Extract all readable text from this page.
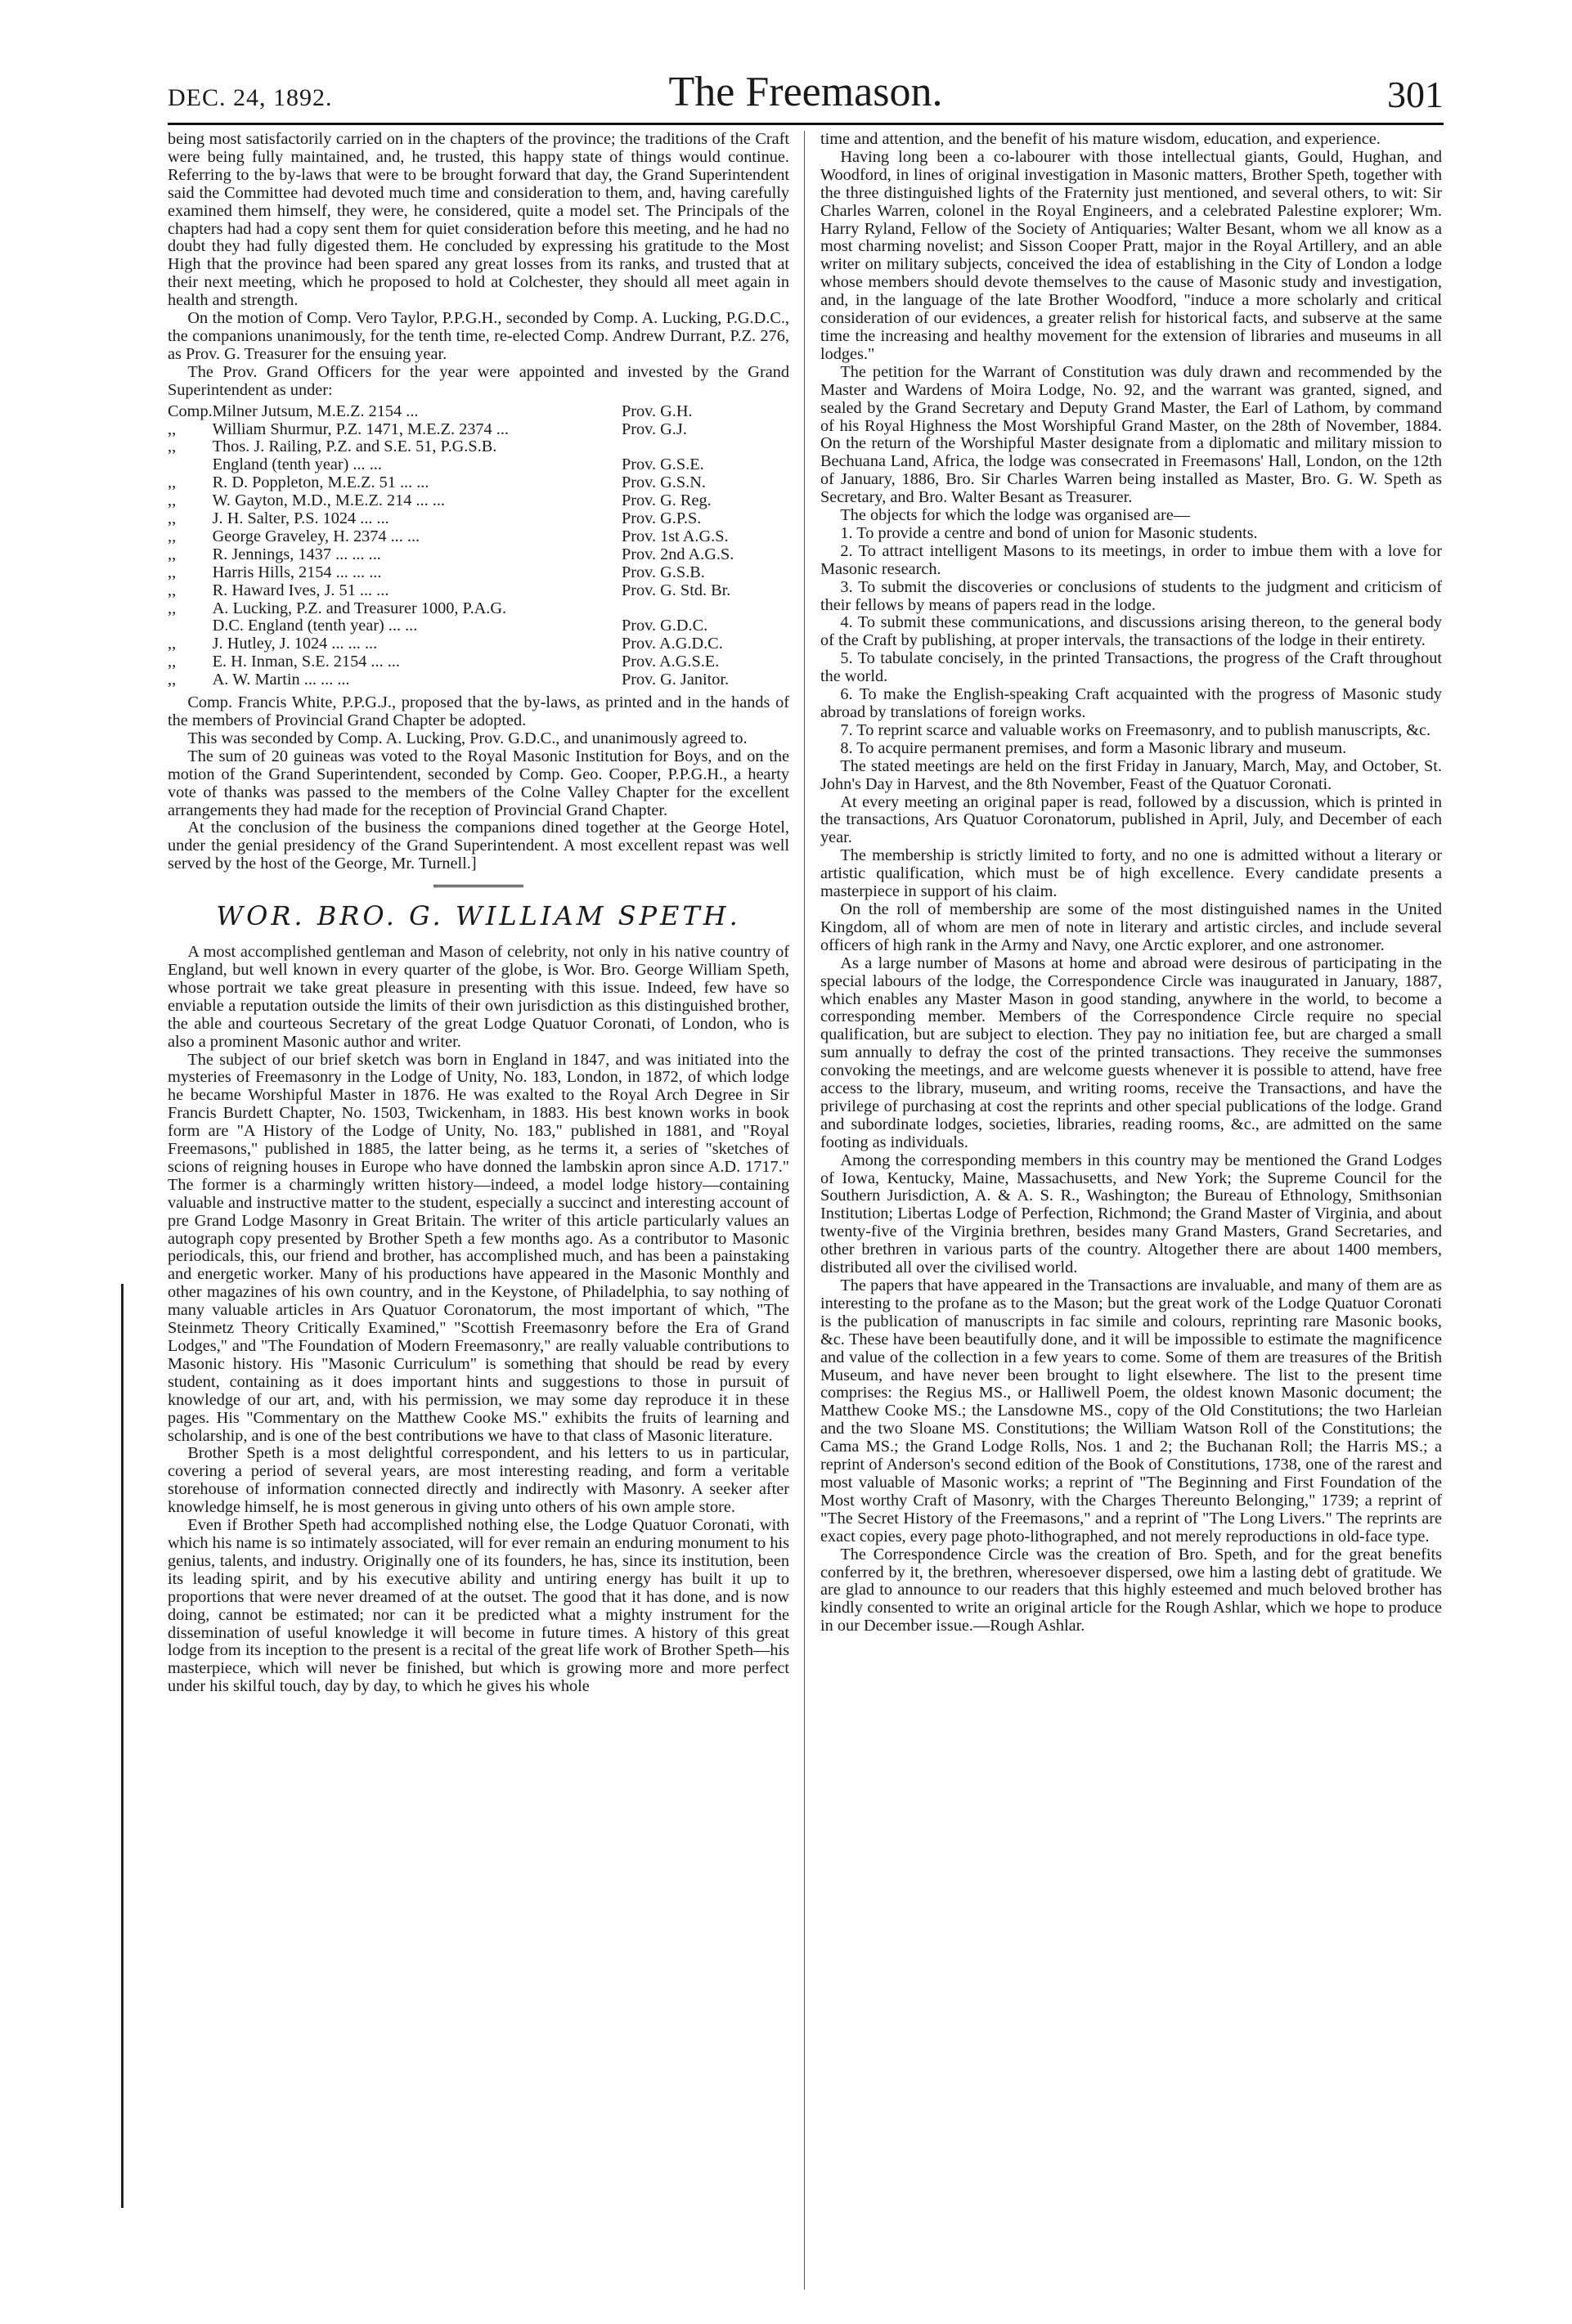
DEC. 24, 1892.	The Freemason.	301

being most satisfactorily carried on in the chapters of the province; the traditions of the Craft were being fully maintained, and, he trusted, this happy state of things would continue. Referring to the by-laws that were to be brought forward that day, the Grand Superintendent said the Committee had devoted much time and consideration to them, and, having carefully examined them himself, they were, he considered, quite a model set. The Principals of the chapters had had a copy sent them for quiet consideration before this meeting, and he had no doubt they had fully digested them. He concluded by expressing his gratitude to the Most High that the province had been spared any great losses from its ranks, and trusted that at their next meeting, which he proposed to hold at Colchester, they should all meet again in health and strength.

On the motion of Comp. Vero Taylor, P.P.G.H., seconded by Comp. A. Lucking, P.G.D.C., the companions unanimously, for the tenth time, re-elected Comp. Andrew Durrant, P.Z. 276, as Prov. G. Treasurer for the ensuing year.

The Prov. Grand Officers for the year were appointed and invested by the Grand Superintendent as under:

Comp.	Milner Jutsum, M.E.Z. 2154 ...	Prov. G.H.
,,	William Shurmur, P.Z. 1471, M.E.Z. 2374 ...	Prov. G.J.
,,	Thos. J. Railing, P.Z. and S.E. 51, P.G.S.B.	
	England (tenth year) ... ...	Prov. G.S.E.
,,	R. D. Poppleton, M.E.Z. 51 ... ...	Prov. G.S.N.
,,	W. Gayton, M.D., M.E.Z. 214 ... ...	Prov. G. Reg.
,,	J. H. Salter, P.S. 1024 ... ...	Prov. G.P.S.
,,	George Graveley, H. 2374 ... ...	Prov. 1st A.G.S.
,,	R. Jennings, 1437 ... ... ...	Prov. 2nd A.G.S.
,,	Harris Hills, 2154 ... ... ...	Prov. G.S.B.
,,	R. Haward Ives, J. 51 ... ...	Prov. G. Std. Br.
,,	A. Lucking, P.Z. and Treasurer 1000, P.A.G.	
	D.C. England (tenth year) ... ...	Prov. G.D.C.
,,	J. Hutley, J. 1024 ... ... ...	Prov. A.G.D.C.
,,	E. H. Inman, S.E. 2154 ... ...	Prov. A.G.S.E.
,,	A. W. Martin ... ... ...	Prov. G. Janitor.

Comp. Francis White, P.P.G.J., proposed that the by-laws, as printed and in the hands of the members of Provincial Grand Chapter be adopted.

This was seconded by Comp. A. Lucking, Prov. G.D.C., and unanimously agreed to.

The sum of 20 guineas was voted to the Royal Masonic Institution for Boys, and on the motion of the Grand Superintendent, seconded by Comp. Geo. Cooper, P.P.G.H., a hearty vote of thanks was passed to the members of the Colne Valley Chapter for the excellent arrangements they had made for the reception of Provincial Grand Chapter.

At the conclusion of the business the companions dined together at the George Hotel, under the genial presidency of the Grand Superintendent. A most excellent repast was well served by the host of the George, Mr. Turnell.]

WOR. BRO. G. WILLIAM SPETH.

A most accomplished gentleman and Mason of celebrity, not only in his native country of England, but well known in every quarter of the globe, is Wor. Bro. George William Speth, whose portrait we take great pleasure in presenting with this issue. Indeed, few have so enviable a reputation outside the limits of their own jurisdiction as this distinguished brother, the able and courteous Secretary of the great Lodge Quatuor Coronati, of London, who is also a prominent Masonic author and writer.

The subject of our brief sketch was born in England in 1847, and was initiated into the mysteries of Freemasonry in the Lodge of Unity, No. 183, London, in 1872, of which lodge he became Worshipful Master in 1876. He was exalted to the Royal Arch Degree in Sir Francis Burdett Chapter, No. 1503, Twickenham, in 1883. His best known works in book form are "A History of the Lodge of Unity, No. 183," published in 1881, and "Royal Freemasons," published in 1885, the latter being, as he terms it, a series of "sketches of scions of reigning houses in Europe who have donned the lambskin apron since A.D. 1717." The former is a charmingly written history—indeed, a model lodge history—containing valuable and instructive matter to the student, especially a succinct and interesting account of pre Grand Lodge Masonry in Great Britain. The writer of this article particularly values an autograph copy presented by Brother Speth a few months ago. As a contributor to Masonic periodicals, this, our friend and brother, has accomplished much, and has been a painstaking and energetic worker. Many of his productions have appeared in the Masonic Monthly and other magazines of his own country, and in the Keystone, of Philadelphia, to say nothing of many valuable articles in Ars Quatuor Coronatorum, the most important of which, "The Steinmetz Theory Critically Examined," "Scottish Freemasonry before the Era of Grand Lodges," and "The Foundation of Modern Freemasonry," are really valuable contributions to Masonic history. His "Masonic Curriculum" is something that should be read by every student, containing as it does important hints and suggestions to those in pursuit of knowledge of our art, and, with his permission, we may some day reproduce it in these pages. His "Commentary on the Matthew Cooke MS." exhibits the fruits of learning and scholarship, and is one of the best contributions we have to that class of Masonic literature.

Brother Speth is a most delightful correspondent, and his letters to us in particular, covering a period of several years, are most interesting reading, and form a veritable storehouse of information connected directly and indirectly with Masonry. A seeker after knowledge himself, he is most generous in giving unto others of his own ample store.

Even if Brother Speth had accomplished nothing else, the Lodge Quatuor Coronati, with which his name is so intimately associated, will for ever remain an enduring monument to his genius, talents, and industry. Originally one of its founders, he has, since its institution, been its leading spirit, and by his executive ability and untiring energy has built it up to proportions that were never dreamed of at the outset. The good that it has done, and is now doing, cannot be estimated; nor can it be predicted what a mighty instrument for the dissemination of useful knowledge it will become in future times. A history of this great lodge from its inception to the present is a recital of the great life work of Brother Speth—his masterpiece, which will never be finished, but which is growing more and more perfect under his skilful touch, day by day, to which he gives his whole

time and attention, and the benefit of his mature wisdom, education, and experience.

Having long been a co-labourer with those intellectual giants, Gould, Hughan, and Woodford, in lines of original investigation in Masonic matters, Brother Speth, together with the three distinguished lights of the Fraternity just mentioned, and several others, to wit: Sir Charles Warren, colonel in the Royal Engineers, and a celebrated Palestine explorer; Wm. Harry Ryland, Fellow of the Society of Antiquaries; Walter Besant, whom we all know as a most charming novelist; and Sisson Cooper Pratt, major in the Royal Artillery, and an able writer on military subjects, conceived the idea of establishing in the City of London a lodge whose members should devote themselves to the cause of Masonic study and investigation, and, in the language of the late Brother Woodford, "induce a more scholarly and critical consideration of our evidences, a greater relish for historical facts, and subserve at the same time the increasing and healthy movement for the extension of libraries and museums in all lodges."

The petition for the Warrant of Constitution was duly drawn and recommended by the Master and Wardens of Moira Lodge, No. 92, and the warrant was granted, signed, and sealed by the Grand Secretary and Deputy Grand Master, the Earl of Lathom, by command of his Royal Highness the Most Worshipful Grand Master, on the 28th of November, 1884. On the return of the Worshipful Master designate from a diplomatic and military mission to Bechuana Land, Africa, the lodge was consecrated in Freemasons' Hall, London, on the 12th of January, 1886, Bro. Sir Charles Warren being installed as Master, Bro. G. W. Speth as Secretary, and Bro. Walter Besant as Treasurer.

The objects for which the lodge was organised are—

1. To provide a centre and bond of union for Masonic students.

2. To attract intelligent Masons to its meetings, in order to imbue them with a love for Masonic research.

3. To submit the discoveries or conclusions of students to the judgment and criticism of their fellows by means of papers read in the lodge.

4. To submit these communications, and discussions arising thereon, to the general body of the Craft by publishing, at proper intervals, the transactions of the lodge in their entirety.

5. To tabulate concisely, in the printed Transactions, the progress of the Craft throughout the world.

6. To make the English-speaking Craft acquainted with the progress of Masonic study abroad by translations of foreign works.

7. To reprint scarce and valuable works on Freemasonry, and to publish manuscripts, &c.

8. To acquire permanent premises, and form a Masonic library and museum.

The stated meetings are held on the first Friday in January, March, May, and October, St. John's Day in Harvest, and the 8th November, Feast of the Quatuor Coronati.

At every meeting an original paper is read, followed by a discussion, which is printed in the transactions, Ars Quatuor Coronatorum, published in April, July, and December of each year.

The membership is strictly limited to forty, and no one is admitted without a literary or artistic qualification, which must be of high excellence. Every candidate presents a masterpiece in support of his claim.

On the roll of membership are some of the most distinguished names in the United Kingdom, all of whom are men of note in literary and artistic circles, and include several officers of high rank in the Army and Navy, one Arctic explorer, and one astronomer.

As a large number of Masons at home and abroad were desirous of participating in the special labours of the lodge, the Correspondence Circle was inaugurated in January, 1887, which enables any Master Mason in good standing, anywhere in the world, to become a corresponding member. Members of the Correspondence Circle require no special qualification, but are subject to election. They pay no initiation fee, but are charged a small sum annually to defray the cost of the printed transactions. They receive the summonses convoking the meetings, and are welcome guests whenever it is possible to attend, have free access to the library, museum, and writing rooms, receive the Transactions, and have the privilege of purchasing at cost the reprints and other special publications of the lodge. Grand and subordinate lodges, societies, libraries, reading rooms, &c., are admitted on the same footing as individuals.

Among the corresponding members in this country may be mentioned the Grand Lodges of Iowa, Kentucky, Maine, Massachusetts, and New York; the Supreme Council for the Southern Jurisdiction, A. & A. S. R., Washington; the Bureau of Ethnology, Smithsonian Institution; Libertas Lodge of Perfection, Richmond; the Grand Master of Virginia, and about twenty-five of the Virginia brethren, besides many Grand Masters, Grand Secretaries, and other brethren in various parts of the country. Altogether there are about 1400 members, distributed all over the civilised world.

The papers that have appeared in the Transactions are invaluable, and many of them are as interesting to the profane as to the Mason; but the great work of the Lodge Quatuor Coronati is the publication of manuscripts in fac simile and colours, reprinting rare Masonic books, &c. These have been beautifully done, and it will be impossible to estimate the magnificence and value of the collection in a few years to come. Some of them are treasures of the British Museum, and have never been brought to light elsewhere. The list to the present time comprises: the Regius MS., or Halliwell Poem, the oldest known Masonic document; the Matthew Cooke MS.; the Lansdowne MS., copy of the Old Constitutions; the two Harleian and the two Sloane MS. Constitutions; the William Watson Roll of the Constitutions; the Cama MS.; the Grand Lodge Rolls, Nos. 1 and 2; the Buchanan Roll; the Harris MS.; a reprint of Anderson's second edition of the Book of Constitutions, 1738, one of the rarest and most valuable of Masonic works; a reprint of "The Beginning and First Foundation of the Most worthy Craft of Masonry, with the Charges Thereunto Belonging," 1739; a reprint of "The Secret History of the Freemasons," and a reprint of "The Long Livers." The reprints are exact copies, every page photo-lithographed, and not merely reproductions in old-face type.

The Correspondence Circle was the creation of Bro. Speth, and for the great benefits conferred by it, the brethren, wheresoever dispersed, owe him a lasting debt of gratitude. We are glad to announce to our readers that this highly esteemed and much beloved brother has kindly consented to write an original article for the Rough Ashlar, which we hope to produce in our December issue.—Rough Ashlar.
